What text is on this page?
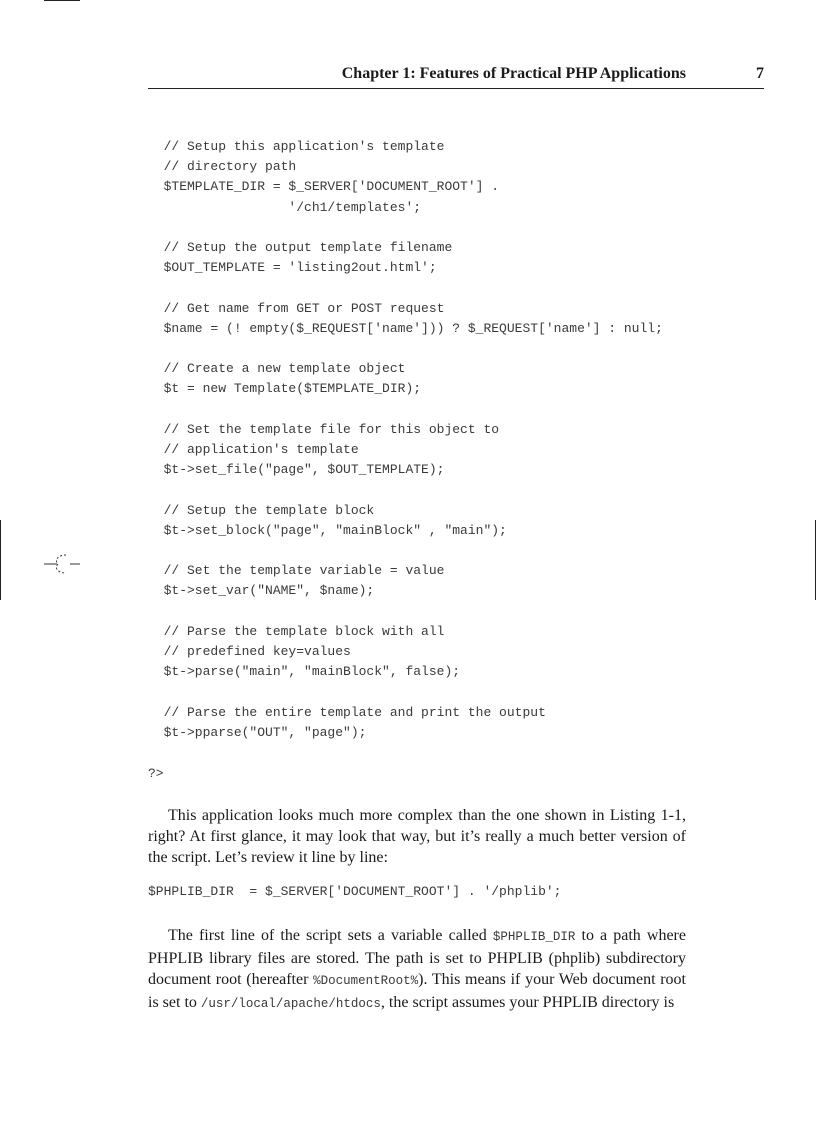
Chapter 1: Features of Practical PHP Applications	7
// Setup this application's template
// directory path
$TEMPLATE_DIR = $_SERVER['DOCUMENT_ROOT'] .
'/ch1/templates';

// Setup the output template filename
$OUT_TEMPLATE = 'listing2out.html';

// Get name from GET or POST request
$name = (! empty($_REQUEST['name'])) ? $_REQUEST['name'] : null;

// Create a new template object
$t = new Template($TEMPLATE_DIR);

// Set the template file for this object to
// application's template
$t->set_file("page", $OUT_TEMPLATE);

// Setup the template block
$t->set_block("page", "mainBlock" , "main");

// Set the template variable = value
$t->set_var("NAME", $name);

// Parse the template block with all
// predefined key=values
$t->parse("main", "mainBlock", false);

// Parse the entire template and print the output
$t->pparse("OUT", "page");
?>

This application looks much more complex than the one shown in Listing 1-1, right? At first glance, it may look that way, but it’s really a much better version of the script. Let’s review it line by line:

$PHPLIB_DIR  = $_SERVER['DOCUMENT_ROOT'] . '/phplib';

The first line of the script sets a variable called $PHPLIB_DIR to a path where PHPLIB library files are stored. The path is set to PHPLIB (phplib) subdirectory document root (hereafter %DocumentRoot%). This means if your Web document root is set to /usr/local/apache/htdocs, the script assumes your PHPLIB directory is
